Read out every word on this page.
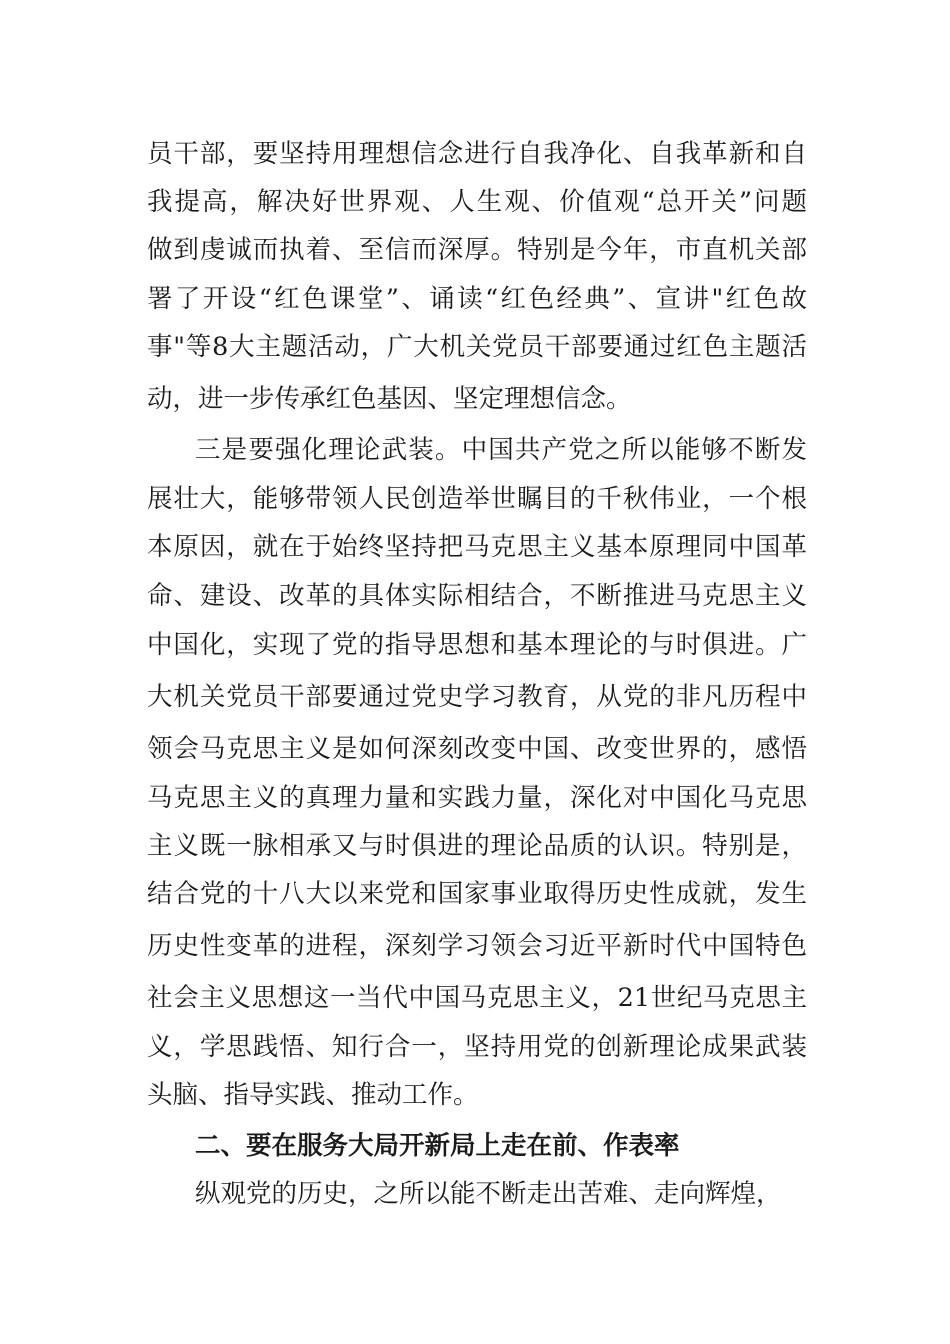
员干部，要坚持用理想信念进行自我净化、自我革新和自
我提高，解决好世界观、人生观、价值观“总开关”问题
做到虔诚而执着、至信而深厚。特别是今年，市直机关部
署了开设“红色课堂”、诵读“红色经典”、宣讲"红色故
事"等8大主题活动，广大机关党员干部要通过红色主题活
动，进一步传承红色基因、坚定理想信念。
三是要强化理论武装。中国共产党之所以能够不断发
展壮大，能够带领人民创造举世瞩目的千秋伟业，一个根
本原因，就在于始终坚持把马克思主义基本原理同中国革
命、建设、改革的具体实际相结合，不断推进马克思主义
中国化，实现了党的指导思想和基本理论的与时俱进。广
大机关党员干部要通过党史学习教育，从党的非凡历程中
领会马克思主义是如何深刻改变中国、改变世界的，感悟
马克思主义的真理力量和实践力量，深化对中国化马克思
主义既一脉相承又与时俱进的理论品质的认识。特别是，
结合党的十八大以来党和国家事业取得历史性成就，发生
历史性变革的进程，深刻学习领会习近平新时代中国特色
社会主义思想这一当代中国马克思主义，21世纪马克思主
义，学思践悟、知行合一，坚持用党的创新理论成果武装
头脑、指导实践、推动工作。
二、要在服务大局开新局上走在前、作表率
纵观党的历史，之所以能不断走出苦难、走向辉煌，
